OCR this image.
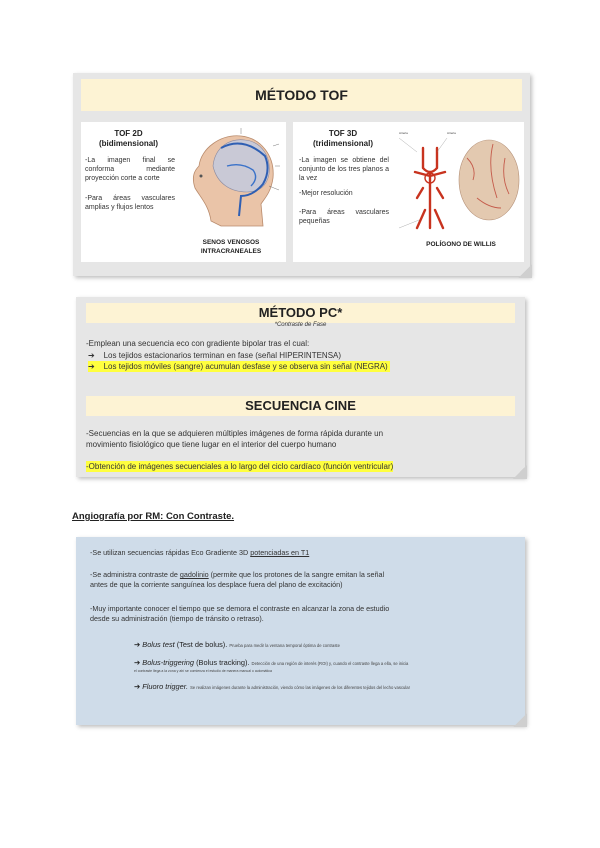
MÉTODO TOF
TOF 2D
(bidimensional)
-La imagen final se conforma mediante proyección corte a corte
-Para áreas vasculares amplias y flujos lentos
SENOS VENOSOS
INTRACRANEALES
TOF 3D
(tridimensional)
-La imagen se obtiene del conjunto de los tres planos a la vez
-Mejor resolución
-Para áreas vasculares pequeñas
Arteria	Arteria
POLÍGONO DE WILLIS
MÉTODO PC*
*Contraste de Fase
-Emplean una secuencia eco con gradiente bipolar tras el cual:
➔ Los tejidos estacionarios terminan en fase (señal HIPERINTENSA)
➔ Los tejidos móviles (sangre) acumulan desfase y se observa sin señal (NEGRA)
SECUENCIA CINE
-Secuencias en la que se adquieren múltiples imágenes de forma rápida durante un
movimiento fisiológico que tiene lugar en el interior del cuerpo humano
-Obtención de imágenes secuenciales a lo largo del ciclo cardíaco (función ventricular)
Angiografía por RM: Con Contraste.
-Se utilizan secuencias rápidas Eco Gradiente 3D potenciadas en T1
-Se administra contraste de gadolinio (permite que los protones de la sangre emitan la señal
antes de que la corriente sanguínea los desplace fuera del plano de excitación)
-Muy importante conocer el tiempo que se demora el contraste en alcanzar la zona de estudio
desde su administración (tiempo de tránsito o retraso).
➔ Bolus test (Test de bolus). Prueba para medir la ventana temporal óptima de contraste
➔ Bolus-triggering (Bolus tracking). Detección de una región de interés (ROI) y, cuando el contraste llega a ella, se inicia
el contraste llega a la zona y ahí se comienza el estudio de manera manual o automática
➔ Fluoro trigger. Se realizan imágenes durante la administración, viendo cómo las imágenes de los diferentes tejidos del lecho vascular
